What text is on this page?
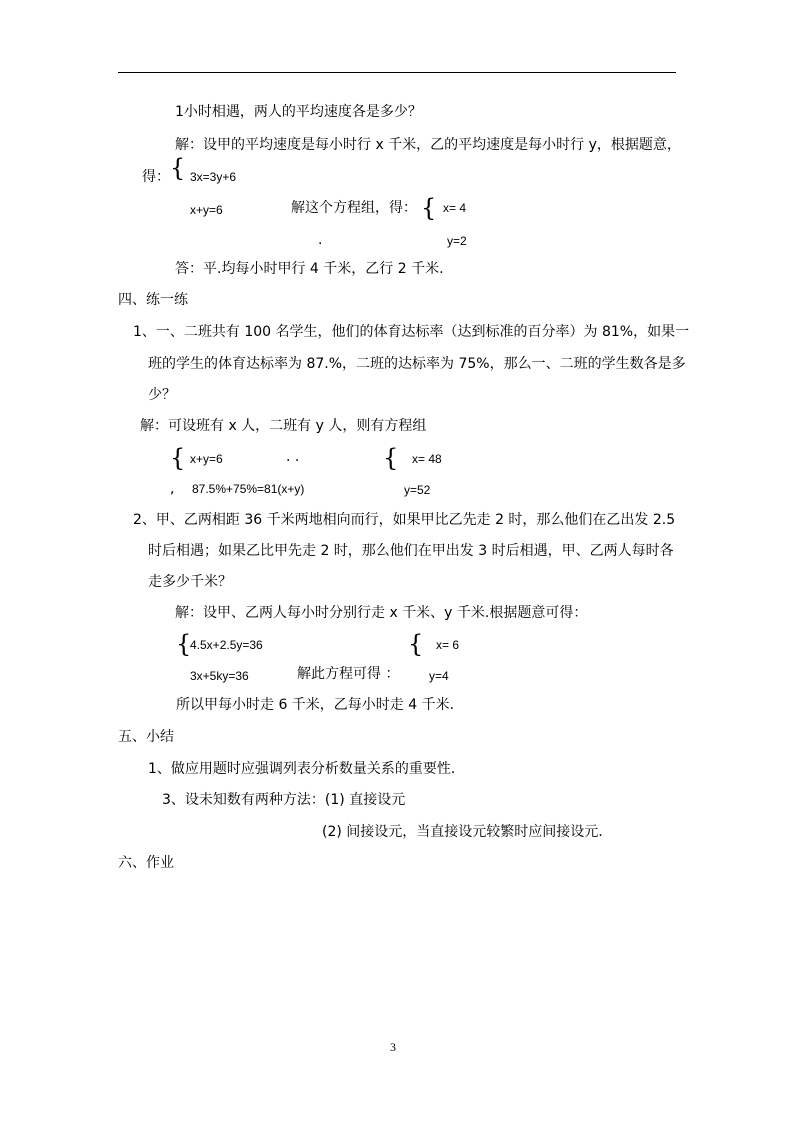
1小时相遇，两人的平均速度各是多少？
解：设甲的平均速度是每小时行 x 千米，乙的平均速度是每小时行 y，根据题意，
得： { 3x=3y+6
x+y=6	解这个方程组，得： { x= 4
.	y=2
答：平.均每小时甲行 4 千米，乙行 2 千米.
四、练一练
1、一、二班共有 100 名学生，他们的体育达标率（达到标准的百分率）为 81%，如果一
班的学生的体育达标率为 87.%，二班的达标率为 75%，那么一、二班的学生数各是多
少？
解：可设班有 x 人，二班有 y 人，则有方程组
{ x+y=6	. .	{ x= 48
, 87.5%+75%=81(x+y)	y=52
2、甲、乙两相距 36 千米两地相向而行，如果甲比乙先走 2 时，那么他们在乙出发 2.5
时后相遇；如果乙比甲先走 2 时，那么他们在甲出发 3 时后相遇，甲、乙两人每时各
走多少千米？
解：设甲、乙两人每小时分别行走 x 千米、y 千米.根据题意可得：
{
4.5x+2.5y=36	{ x= 6
3x+5ky=36	解此方程可得 ： y=4
所以甲每小时走 6 千米，乙每小时走 4 千米.
五、小结
1、做应用题时应强调列表分析数量关系的重要性.
3、设未知数有两种方法：(1) 直接设元
(2) 间接设元，当直接设元较繁时应间接设元.
六、作业
3
